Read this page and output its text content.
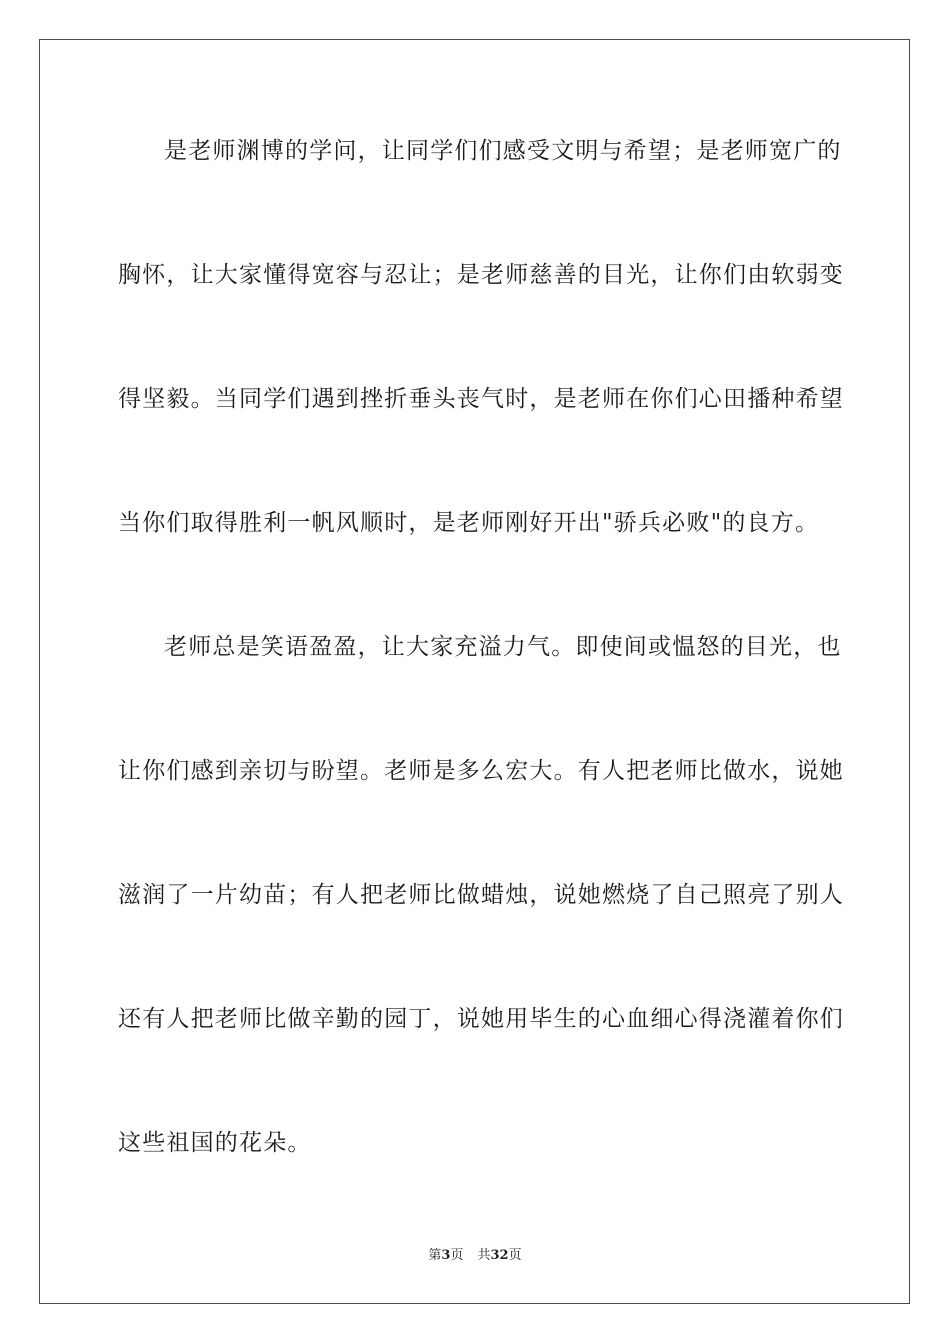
是老师渊博的学问，让同学们们感受文明与希望；是老师宽广的
胸怀，让大家懂得宽容与忍让；是老师慈善的目光，让你们由软弱变
得坚毅。当同学们遇到挫折垂头丧气时，是老师在你们心田播种希望
当你们取得胜利一帆风顺时，是老师刚好开出"骄兵必败"的良方。
老师总是笑语盈盈，让大家充溢力气。即使间或愠怒的目光，也
让你们感到亲切与盼望。老师是多么宏大。有人把老师比做水，说她
滋润了一片幼苗；有人把老师比做蜡烛，说她燃烧了自己照亮了别人
还有人把老师比做辛勤的园丁，说她用毕生的心血细心得浇灌着你们
这些祖国的花朵。
第3页 共32页
